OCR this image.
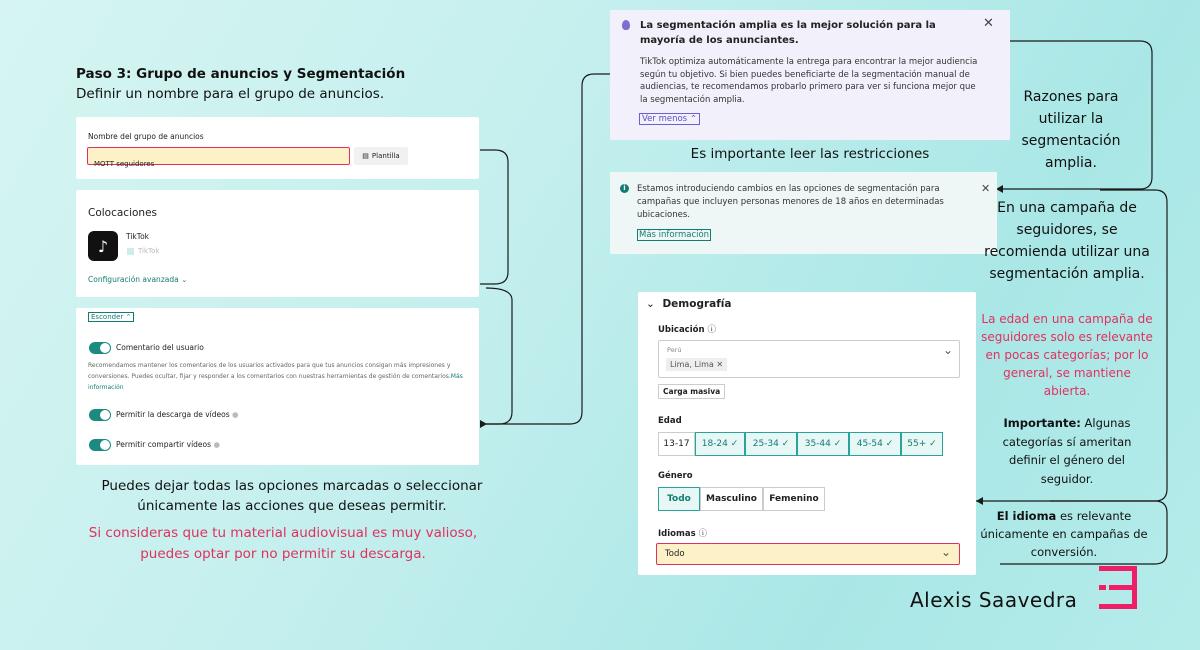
Paso 3: Grupo de anuncios y Segmentación
Definir un nombre para el grupo de anuncios.
Nombre del grupo de anuncios
MOTT seguidores
▤ Plantilla
Colocaciones
♪	TikTok
TikTok
Configuración avanzada ⌄
Esconder ⌃
Comentario del usuario
Recomendamos mantener los comentarios de los usuarios activados para que tus anuncios consigan más impresiones y conversiones. Puedes ocultar, fijar y responder a los comentarios con nuestras herramientas de gestión de comentarios.Más información
Permitir la descarga de vídeos ●
Permitir compartir vídeos ●
Puedes dejar todas las opciones marcadas o seleccionar únicamente las acciones que deseas permitir.
Si consideras que tu material audiovisual es muy valioso, puedes optar por no permitir su descarga.
La segmentación amplia es la mejor solución para la mayoría de los anunciantes.
✕
TikTok optimiza automáticamente la entrega para encontrar la mejor audiencia según tu objetivo. Si bien puedes beneficiarte de la segmentación manual de audiencias, te recomendamos probarlo primero para ver si funciona mejor que la segmentación amplia.
Ver menos ⌃
Es importante leer las restricciones
i	Estamos introduciendo cambios en las opciones de segmentación para campañas que incluyen personas menores de 18 años en determinadas ubicaciones.
✕
Más información
⌄ Demografía
Ubicación ⓘ
Perú
Lima, Lima ✕
⌄
Carga masiva
Edad
13-17	18-24 ✓	25-34 ✓	35-44 ✓	45-54 ✓	55+ ✓
Género
Todo	Masculino	Femenino
Idiomas ⓘ
Todo	⌄
Razones para utilizar la segmentación amplia.
En una campaña de seguidores, se recomienda utilizar una segmentación amplia.
La edad en una campaña de seguidores solo es relevante en pocas categorías; por lo general, se mantiene abierta.
Importante: Algunas categorías sí ameritan definir el género del seguidor.
El idioma es relevante únicamente en campañas de conversión.
Alexis Saavedra
